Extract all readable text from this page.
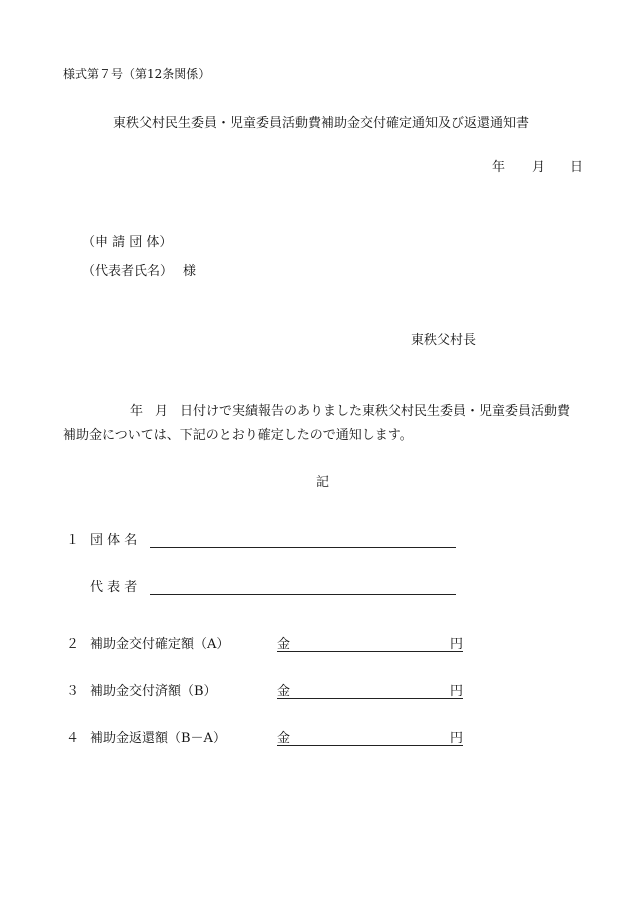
様式第７号（第12条関係）
東秩父村民生委員・児童委員活動費補助金交付確定通知及び返還通知書
年 月 日
（申 請 団 体）
（代表者氏名） 様
東秩父村長
年 月 日付けで実績報告のありました東秩父村民生委員・児童委員活動費
補助金については、下記のとおり確定したので通知します。
記
１ 団 体 名
代 表 者
２ 補助金交付確定額（A）	金	円
３ 補助金交付済額（B）	金	円
４ 補助金返還額（B－A）	金	円
